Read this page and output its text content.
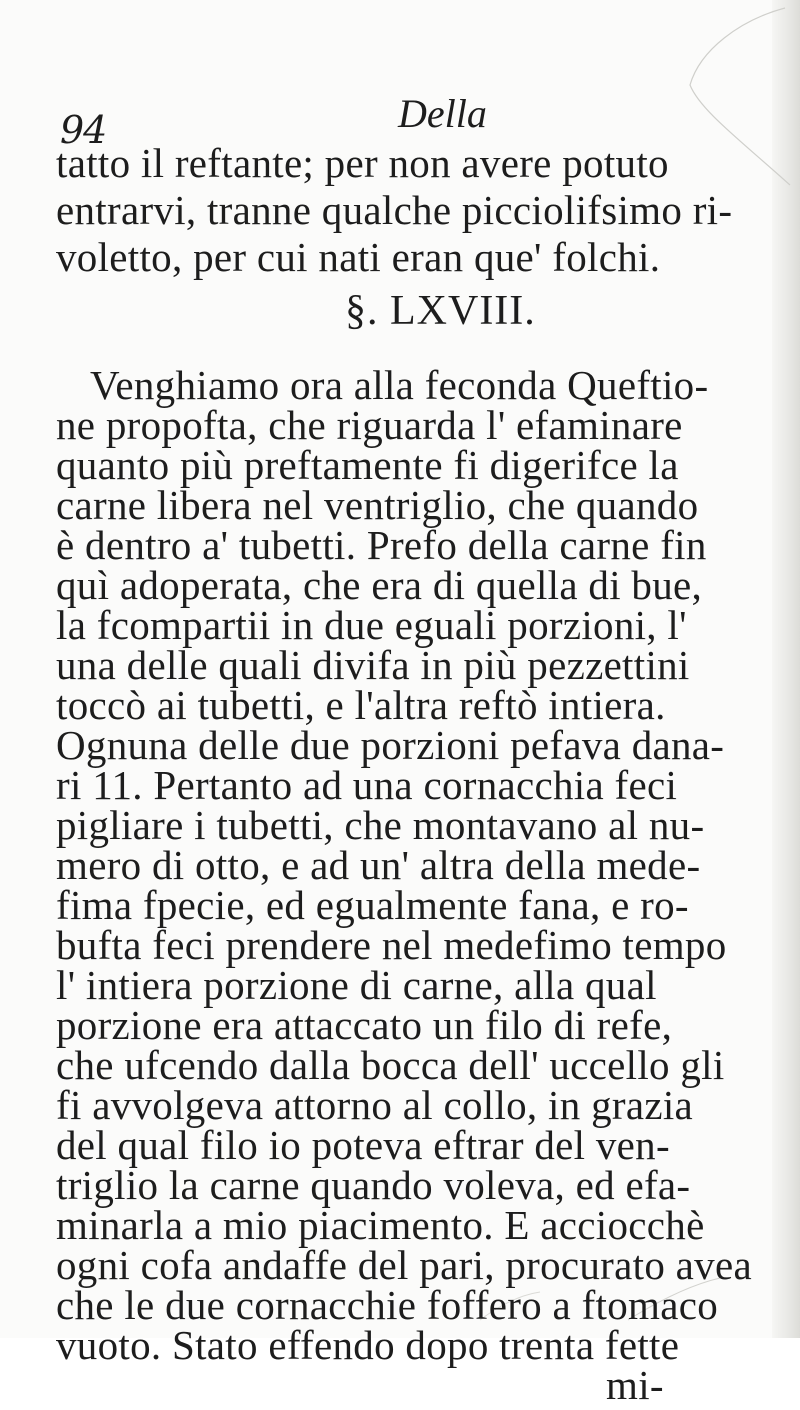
94	Della
tatto il reftante; per non avere potuto
entrarvi, tranne qualche picciolifsimo ri-
voletto, per cui nati eran que' folchi.
§. LXVIII.
Venghiamo ora alla feconda Queftio-
ne propofta, che riguarda l' efaminare
quanto più preftamente fi digerifce la
carne libera nel ventriglio, che quando
è dentro a' tubetti. Prefo della carne fin
quì adoperata, che era di quella di bue,
la fcompartii in due eguali porzioni, l'
una delle quali divifa in più pezzettini
toccò ai tubetti, e l'altra reftò intiera.
Ognuna delle due porzioni pefava dana-
ri 11. Pertanto ad una cornacchia feci
pigliare i tubetti, che montavano al nu-
mero di otto, e ad un' altra della mede-
fima fpecie, ed egualmente fana, e ro-
bufta feci prendere nel medefimo tempo
l' intiera porzione di carne, alla qual
porzione era attaccato un filo di refe,
che ufcendo dalla bocca dell' uccello gli
fi avvolgeva attorno al collo, in grazia
del qual filo io poteva eftrar del ven-
triglio la carne quando voleva, ed efa-
minarla a mio piacimento. E acciocchè
ogni cofa andaffe del pari, procurato avea
che le due cornacchie foffero a ftomaco
vuoto. Stato effendo dopo trenta fette
mi-
